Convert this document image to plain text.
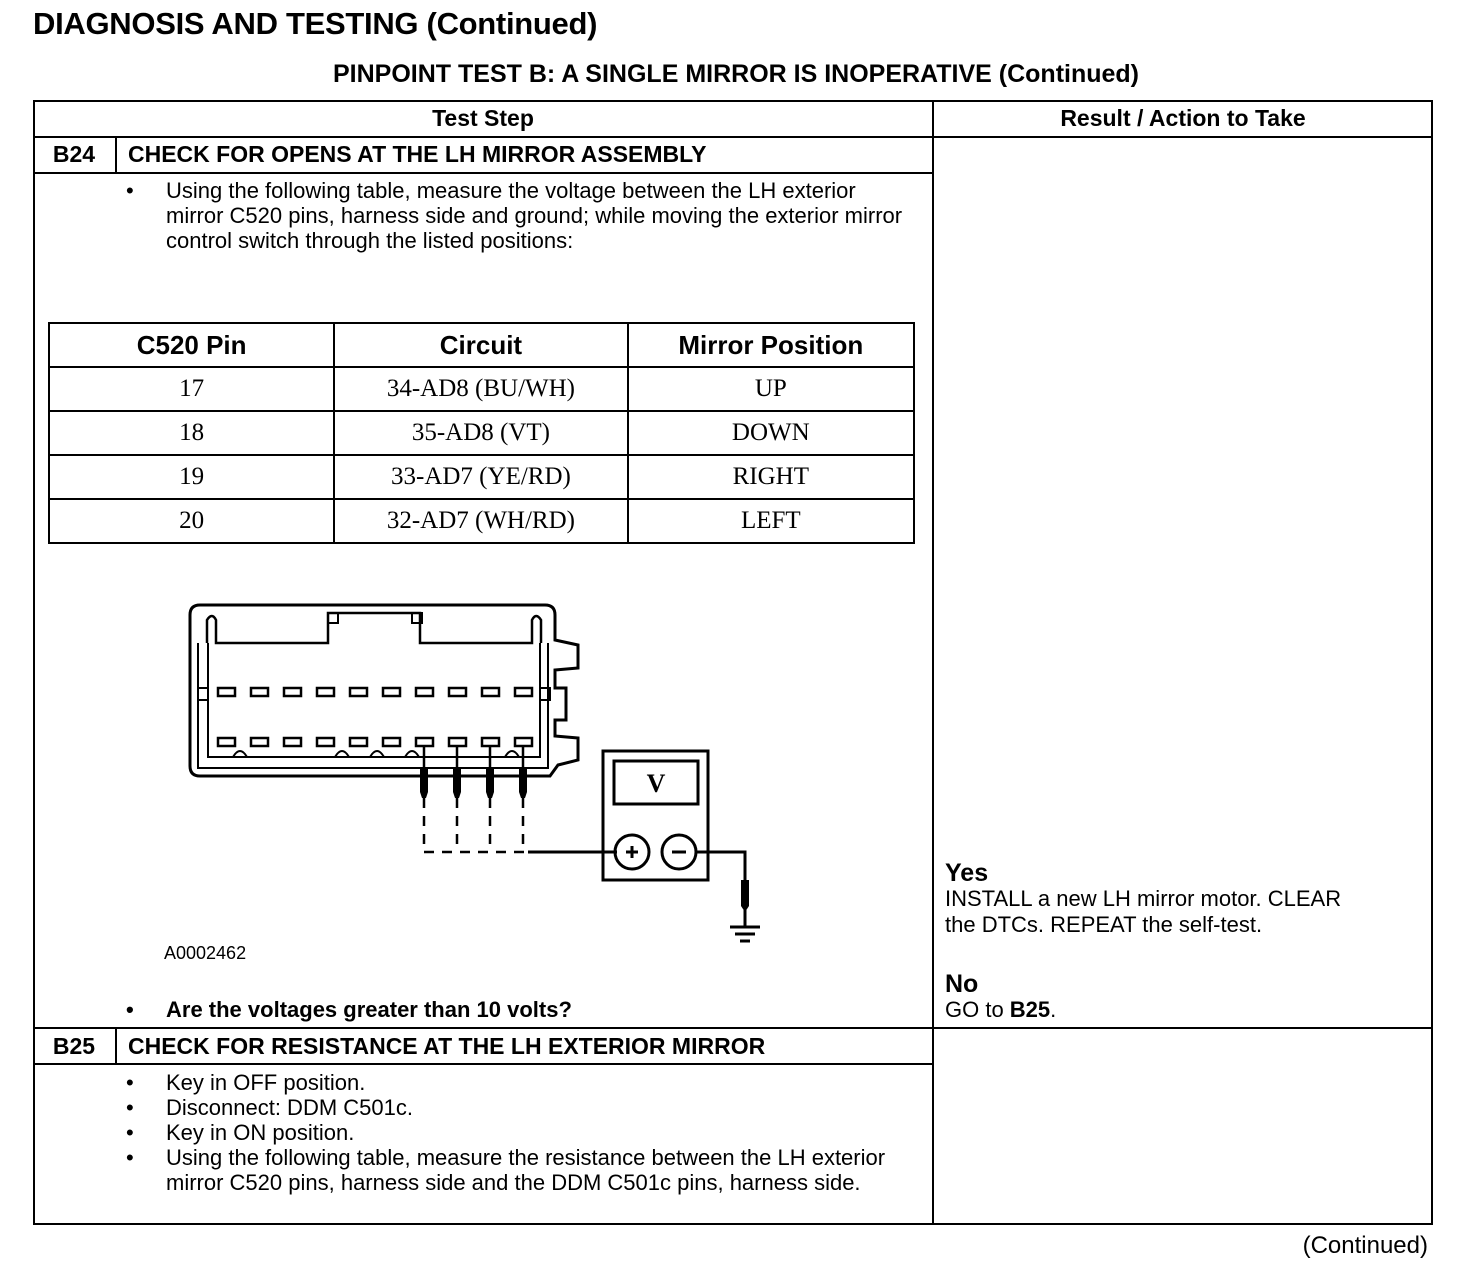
DIAGNOSIS AND TESTING (Continued)
PINPOINT TEST B: A SINGLE MIRROR IS INOPERATIVE (Continued)
Test Step	Result / Action to Take
B24	CHECK FOR OPENS AT THE LH MIRROR ASSEMBLY
• Using the following table, measure the voltage between the LH exterior mirror C520 pins, harness side and ground; while moving the exterior mirror control switch through the listed positions:
C520 Pin	Circuit	Mirror Position
17	34-AD8 (BU/WH)	UP
18	35-AD8 (VT)	DOWN
19	33-AD7 (YE/RD)	RIGHT
20	32-AD7 (WH/RD)	LEFT
V
A0002462
• Are the voltages greater than 10 volts?
Yes
INSTALL a new LH mirror motor. CLEAR
the DTCs. REPEAT the self-test.
No
GO to B25.
B25	CHECK FOR RESISTANCE AT THE LH EXTERIOR MIRROR
• Key in OFF position.
• Disconnect: DDM C501c.
• Key in ON position.
• Using the following table, measure the resistance between the LH exterior mirror C520 pins, harness side and the DDM C501c pins, harness side.
(Continued)
